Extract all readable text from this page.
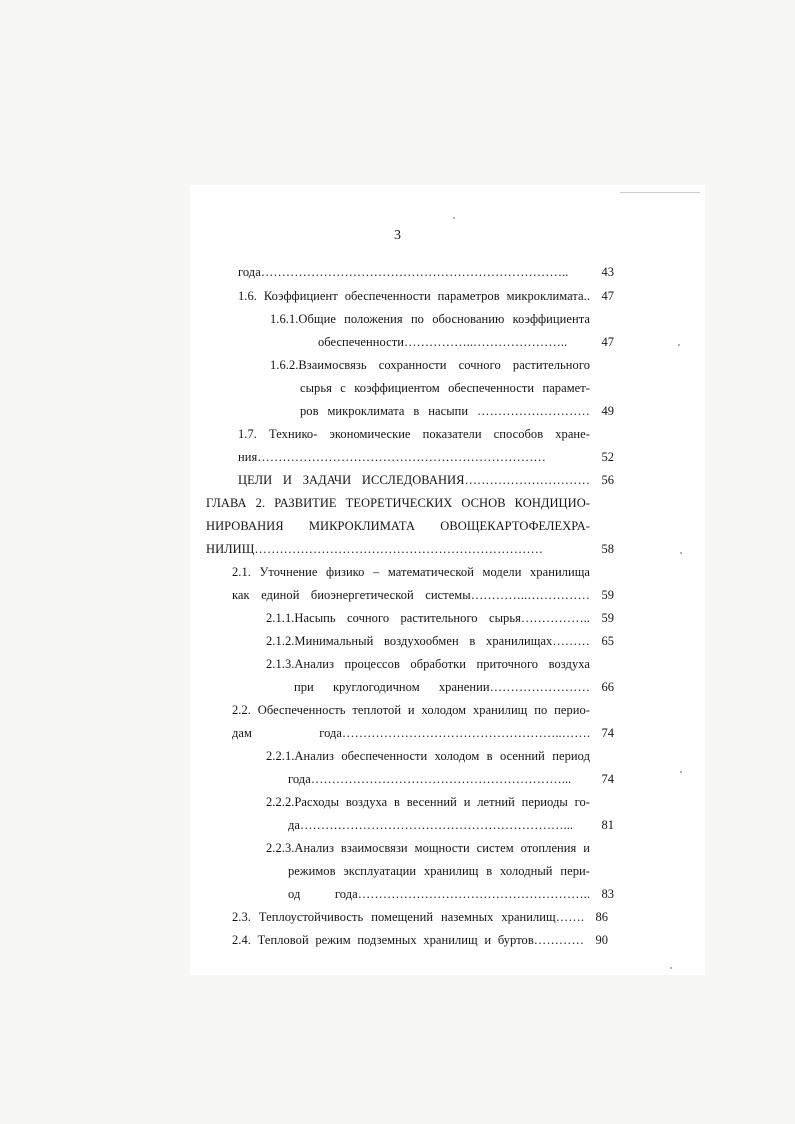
3
года………………………………………………………………..	43
1.6. Коэффициент обеспеченности параметров микроклимата.. 47
1.6.1.Общие положения по обоснованию коэффициента
обеспеченности……………..…………………..	47
1.6.2.Взаимосвязь сохранности сочного растительного
сырья с коэффициентом обеспеченности парамет-
ров микроклимата в насыпи ……………………… 49
1.7. Технико- экономические показатели способов хране-
ния……………………………………………………………	52
ЦЕЛИ И ЗАДАЧИ ИССЛЕДОВАНИЯ………………………… 56
ГЛАВА 2. РАЗВИТИЕ ТЕОРЕТИЧЕСКИХ ОСНОВ КОНДИЦИО-
НИРОВАНИЯ МИКРОКЛИМАТА ОВОЩЕКАРТОФЕЛЕХРА-
НИЛИЩ……………………………………………………………	58
2.1. Уточнение физико – математической модели хранилища
как единой биоэнергетической системы…………..…………… 59
2.1.1.Насыпь сочного растительного сырья…………….. 59
2.1.2.Минимальный воздухообмен в хранилищах……… 65
2.1.3.Анализ процессов обработки приточного воздуха
при круглогодичном хранении…………………… 66
2.2. Обеспеченность теплотой и холодом хранилищ по перио-
дам года……………………………………………..……. 74
2.2.1.Анализ обеспеченности холодом в осенний период
года……………………………………………………...	74
2.2.2.Расходы воздуха в весенний и летний периоды го-
да………………………………………………………...	81
2.2.3.Анализ взаимосвязи мощности систем отопления и
режимов эксплуатации хранилищ в холодный пери-
од года……………………………………………….. 83
2.3. Теплоустойчивость помещений наземных хранилищ……. 86
2.4. Тепловой режим подземных хранилищ и буртов………… 90
